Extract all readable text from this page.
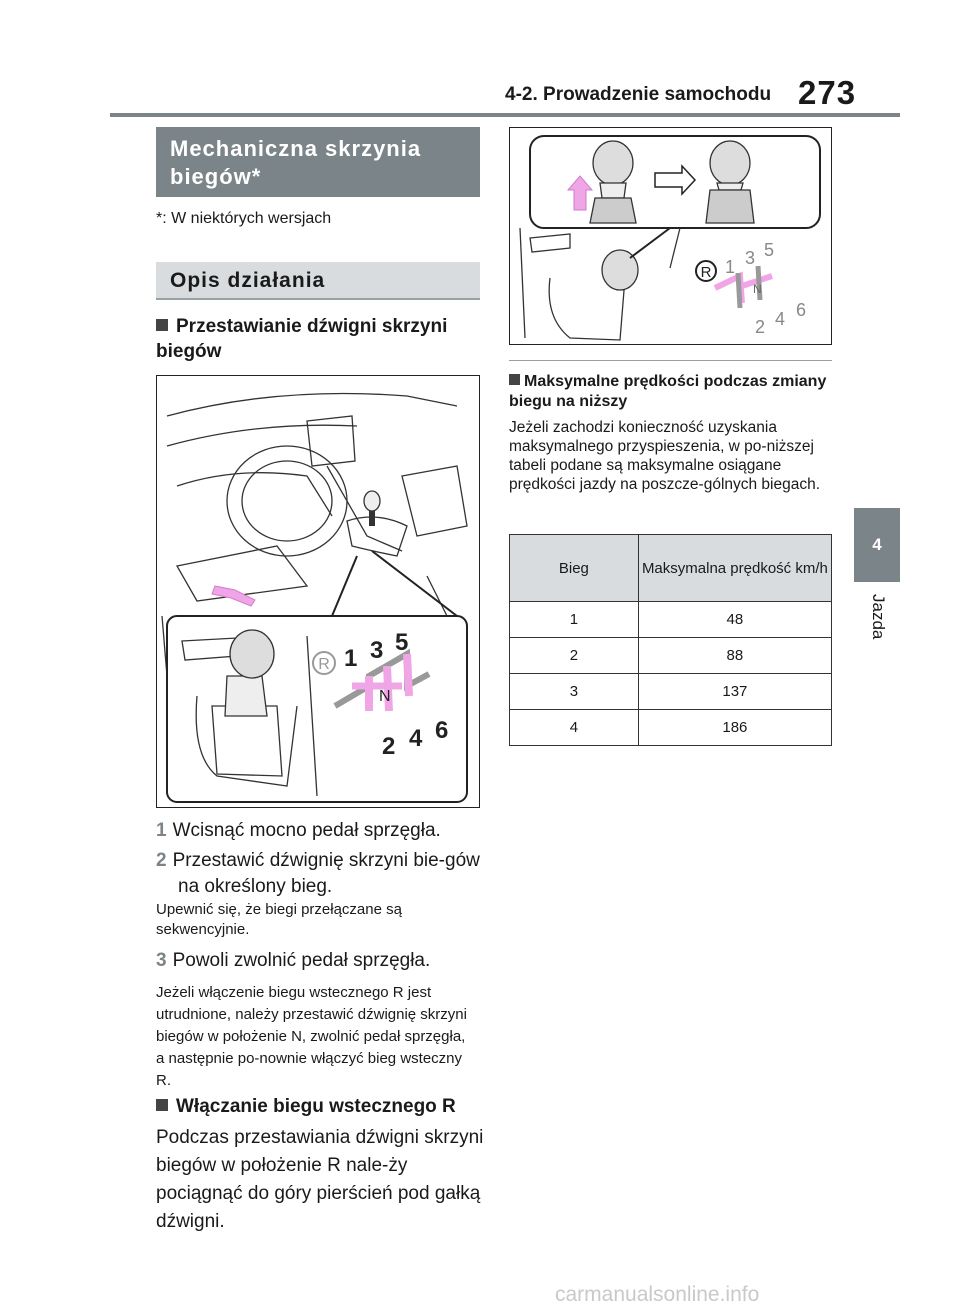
4-2. Prowadzenie samochodu 273
4
Jazda
Mechaniczna skrzynia biegów*
*: W niektórych wersjach
Opis działania
Przestawianie dźwigni skrzyni biegów
R 1 3 5
N
2 4 6
1 Wcisnąć mocno pedał sprzęgła.
2 Przestawić dźwignię skrzyni bie-gów na określony bieg.
Upewnić się, że biegi przełączane są sekwencyjnie.
3 Powoli zwolnić pedał sprzęgła.
Jeżeli włączenie biegu wstecznego R jest utrudnione, należy przestawić dźwignię skrzyni biegów w położenie N, zwolnić pedał sprzęgła, a następnie po-nownie włączyć bieg wsteczny R.
Włączanie biegu wstecznego R
Podczas przestawiania dźwigni skrzyni biegów w położenie R nale-ży pociągnąć do góry pierścień pod gałką dźwigni.
R 1 3 5
N
2 4 6
Maksymalne prędkości podczas zmiany biegu na niższy
Jeżeli zachodzi konieczność uzyskania maksymalnego przyspieszenia, w po-niższej tabeli podane są maksymalne osiągane prędkości jazdy na poszcze-gólnych biegach.
Bieg	Maksymalna prędkość km/h
1	48
2	88
3	137
4	186
carmanualsonline.info
